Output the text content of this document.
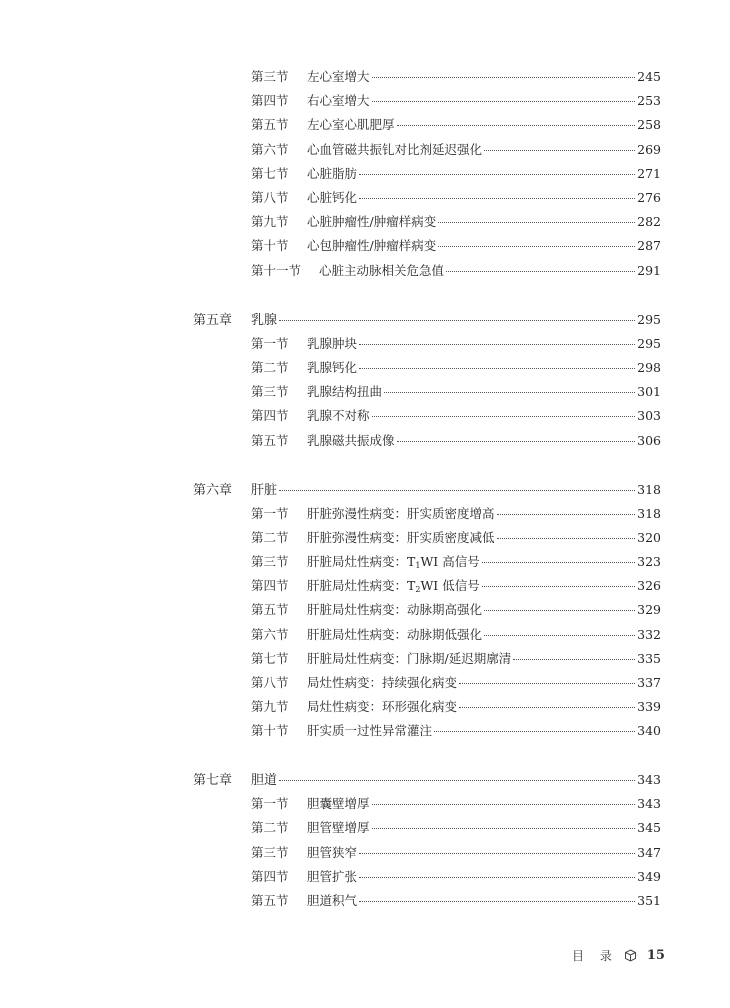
第三节	左心室增大	245
第四节	右心室增大	253
第五节	左心室心肌肥厚	258
第六节	心血管磁共振钆对比剂延迟强化	269
第七节	心脏脂肪	271
第八节	心脏钙化	276
第九节	心脏肿瘤性/肿瘤样病变	282
第十节	心包肿瘤性/肿瘤样病变	287
第十一节	心脏主动脉相关危急值	291
第五章	乳腺	295
第一节	乳腺肿块	295
第二节	乳腺钙化	298
第三节	乳腺结构扭曲	301
第四节	乳腺不对称	303
第五节	乳腺磁共振成像	306
第六章	肝脏	318
第一节	肝脏弥漫性病变：肝实质密度增高	318
第二节	肝脏弥漫性病变：肝实质密度减低	320
第三节	肝脏局灶性病变：$T_1WI$ 高信号	323
第四节	肝脏局灶性病变：$T_2WI$ 低信号	326
第五节	肝脏局灶性病变：动脉期高强化	329
第六节	肝脏局灶性病变：动脉期低强化	332
第七节	肝脏局灶性病变：门脉期/延迟期廓清	335
第八节	局灶性病变：持续强化病变	337
第九节	局灶性病变：环形强化病变	339
第十节	肝实质一过性异常灌注	340
第七章	胆道	343
第一节	胆囊壁增厚	343
第二节	胆管壁增厚	345
第三节	胆管狭窄	347
第四节	胆管扩张	349
第五节	胆道积气	351
目 录 15
